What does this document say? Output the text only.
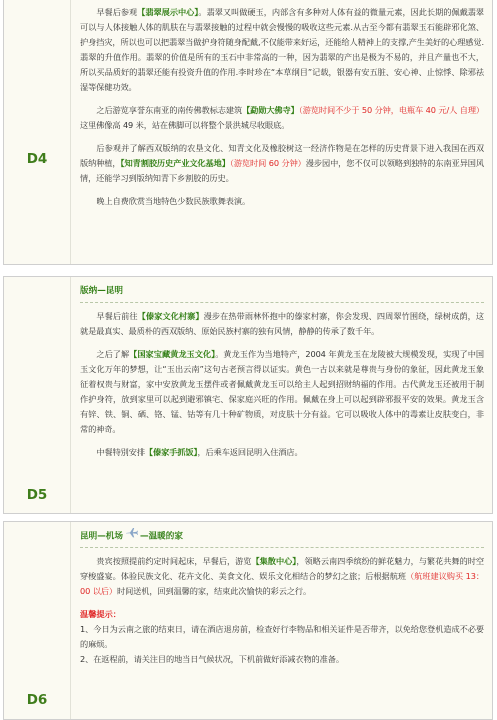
D4

早餐后参观【翡翠展示中心】。翡翠又叫做硬玉，内部含有多种对人体有益的微量元素，因此长期的佩戴翡翠可以与人体接触人体的肌肤在与翡翠接触的过程中就会慢慢的吸收这些元素.从古至今都有翡翠玉石能辟邪化煞、护身挡灾，所以也可以把翡翠当做护身符随身配戴,不仅能带来好运，还能给人精神上的支撑,产生美好的心理感觉.翡翠的升值作用。翡翠的价值是所有的玉石中非常高的一种，因为翡翠的产出是极为不易的，并且产量也不大，所以买品质好的翡翠还能有投资升值的作用.李时珍在“本草纲目”记载，银器有安五脏、安心神、止惊悸、除邪祛湿等保健功效。

之后游览享誉东南亚的南传佛教标志建筑【勐勋大佛寺】（游览时间不少于 50 分钟，电瓶车 40 元/人 自理）这里佛像高 49 米，站在佛脚可以将整个景洪城尽收眼底。

后参观并了解西双版纳的农垦文化、知青文化及橡胶树这一经济作物是在怎样的历史背景下进入我国在西双版纳种植，【知青割胶历史产业文化基地】（游览时间 60 分钟）漫步园中，您不仅可以领略到独特的东南亚异国风情，还能学习到版纳知青下乡割胶的历史。

晚上自费欣赏当地特色少数民族歌舞表演。

D5
版纳—昆明

早餐后前往【傣家文化村寨】漫步在热带雨林怀抱中的傣家村寨，你会发现、四周翠竹围绕，绿树成荫，这就是最真实、最质朴的西双版纳、原始民族村寨的独有风情，静静的传承了数千年。

之后了解【国家宝藏黄龙玉文化】。黄龙玉作为当地特产，2004 年黄龙玉在龙陵被大规模发现，实现了中国玉文化万年的梦想，让“玉出云南”这句古老预言得以证实。黄色一古以来就是尊贵与身份的象征，因此黄龙玉象征着权贵与财富，家中安放黄龙玉摆件或者佩戴黄龙玉可以给主人起到招财纳福的作用。古代黄龙玉还被用于制作护身符，放到家里可以起到避邪镇宅、保家庭兴旺的作用。佩戴在身上可以起到辟邪报平安的效果。黄龙玉含有锌、铁、铜、硒、铬、锰、钴等有几十种矿物质，对皮肤十分有益。它可以吸收人体中的毒素让皮肤变白，非常的神奇。

中餐特別安排【傣家手抓饭】，后乘车返回昆明入住酒店。

D6
昆明—机场 —温暖的家

贵宾按照提前约定时间起床，早餐后，游览【集散中心】，领略云南四季缤纷的鲜花魅力，与繁花共舞的时空穿梭盛宴。体验民族文化、花卉文化、美食文化、娱乐文化相结合的梦幻之旅；后根据航班（航班建议购买 13：00 以后）时间送机，回到温馨的家，结束此次愉快的彩云之行。

温馨提示：

1、今日为云南之旅的结束日，请在酒店退房前，检查好行李物品和相关证件是否带齐，以免给您登机造成不必要的麻烦。

2、在返程前，请关注目的地当日气候状况，下机前做好添减衣物的准备。
